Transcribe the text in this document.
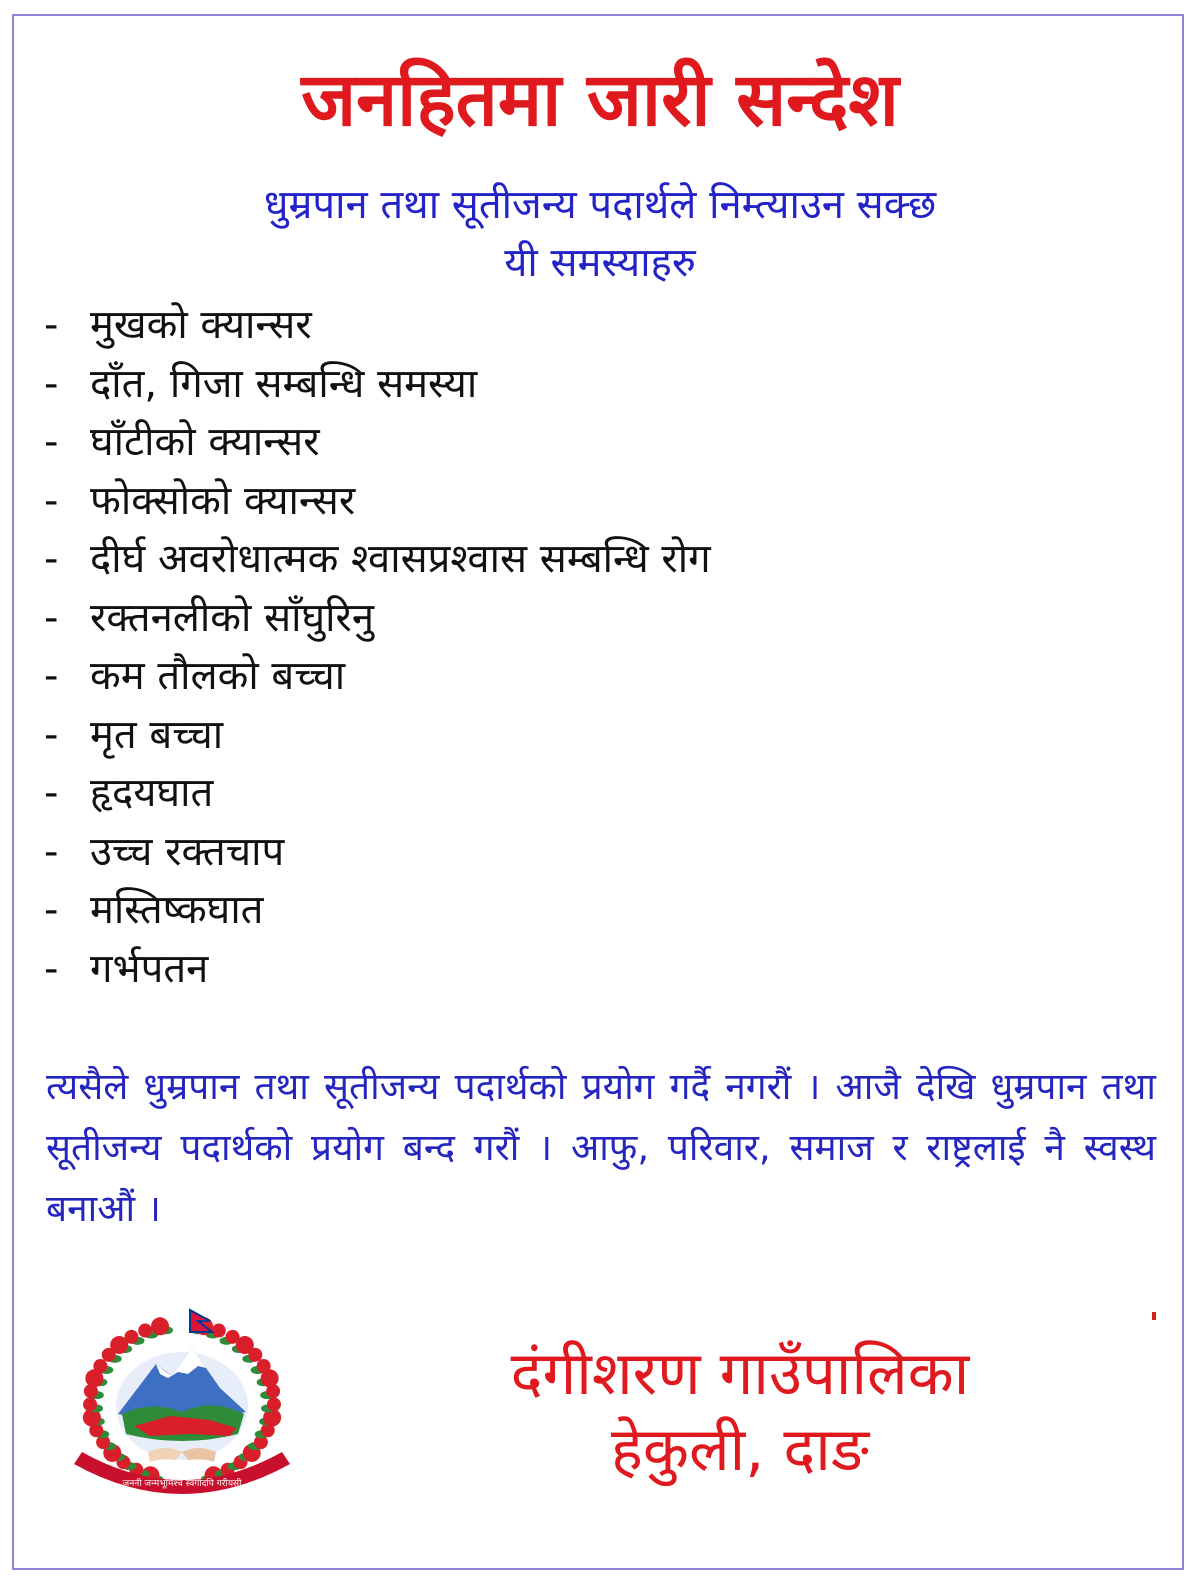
जनहितमा जारी सन्देश
धुम्रपान तथा सूतीजन्य पदार्थले निम्त्याउन सक्छ
यी समस्याहरु
- मुखको क्यान्सर
- दाँत, गिजा सम्बन्धि समस्या
- घाँटीको क्यान्सर
- फोक्सोको क्यान्सर
- दीर्घ अवरोधात्मक श्वासप्रश्वास सम्बन्धि रोग
- रक्तनलीको साँघुरिनु
- कम तौलको बच्चा
- मृत बच्चा
- हृदयघात
- उच्च रक्तचाप
- मस्तिष्कघात
- गर्भपतन
त्यसैले धुम्रपान तथा सूतीजन्य पदार्थको प्रयोग गर्दै नगरौं । आजै देखि धुम्रपान तथा सूतीजन्य पदार्थको प्रयोग बन्द गरौं । आफु, परिवार, समाज र राष्ट्रलाई नै स्वस्थ बनाऔं ।
जननी जन्मभूमिश्च स्वर्गादपि गरीयसी
दंगीशरण गाउँपालिका
हेकुली, दाङ
